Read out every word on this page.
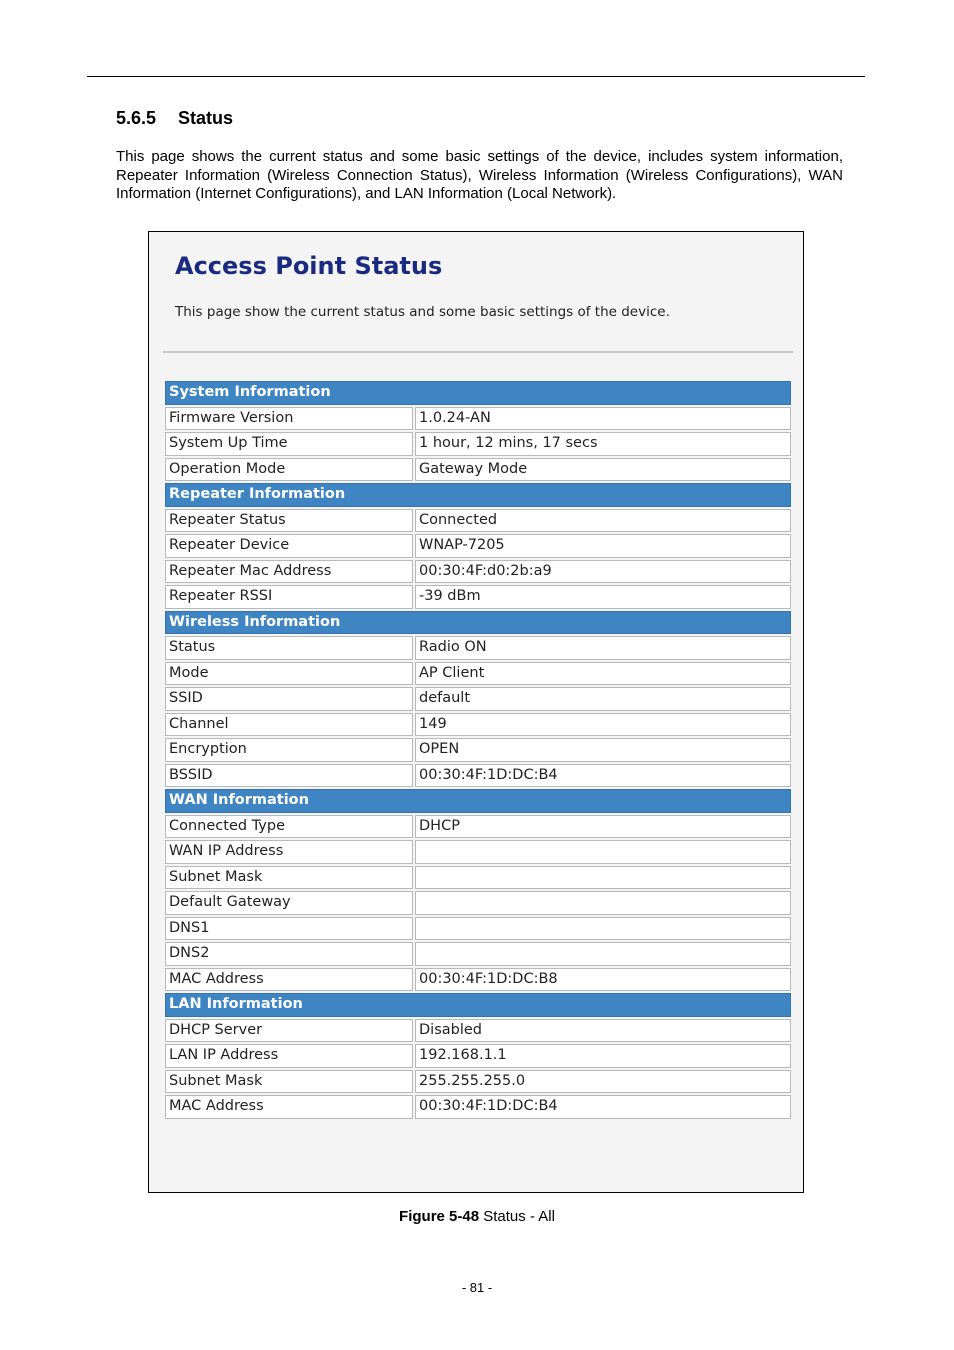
5.6.5 Status
This page shows the current status and some basic settings of the device, includes system information, Repeater Information (Wireless Connection Status), Wireless Information (Wireless Configurations), WAN Information (Internet Configurations), and LAN Information (Local Network).
Access Point Status
This page show the current status and some basic settings of the device.
System Information	
Firmware Version	1.0.24-AN
System Up Time	1 hour, 12 mins, 17 secs
Operation Mode	Gateway Mode
Repeater Information	
Repeater Status	Connected
Repeater Device	WNAP-7205
Repeater Mac Address	00:30:4F:d0:2b:a9
Repeater RSSI	-39 dBm
Wireless Information	
Status	Radio ON
Mode	AP Client
SSID	default
Channel	149
Encryption	OPEN
BSSID	00:30:4F:1D:DC:B4
WAN Information	
Connected Type	DHCP
WAN IP Address	
Subnet Mask	
Default Gateway	
DNS1	
DNS2	
MAC Address	00:30:4F:1D:DC:B8
LAN Information	
DHCP Server	Disabled
LAN IP Address	192.168.1.1
Subnet Mask	255.255.255.0
MAC Address	00:30:4F:1D:DC:B4
Figure 5-48 Status - All
- 81 -
